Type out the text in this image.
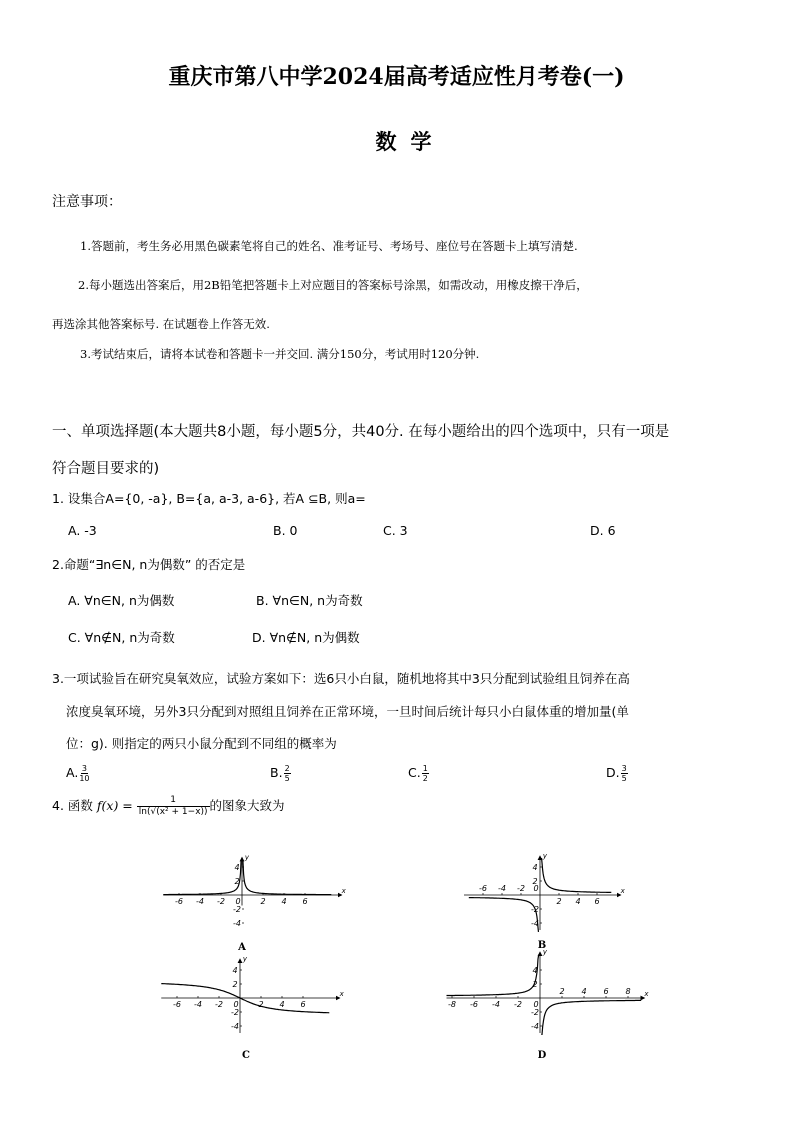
重庆市第八中学2024届高考适应性月考卷(一)
数学
注意事项：
1.答题前，考生务必用黑色碳素笔将自己的姓名、准考证号、考场号、座位号在答题卡上填写清楚.
2.每小题选出答案后，用2B铅笔把答题卡上对应题目的答案标号涂黑，如需改动，用橡皮擦干净后，
再选涂其他答案标号. 在试题卷上作答无效.
3.考试结束后，请将本试卷和答题卡一并交回. 满分150分，考试用时120分钟.
一、单项选择题(本大题共8小题，每小题5分，共40分. 在每小题给出的四个选项中，只有一项是
符合题目要求的)
1. 设集合A={0, -a}, B={a, a-3, a-6}, 若A ⊆B, 则a=
A. -3	B. 0	C. 3	D. 6
2.命题“∃n∈N, n为偶数” 的否定是
A. ∀n∈N, n为偶数	B. ∀n∈N, n为奇数
C. ∀n∉N, n为奇数	D. ∀n∉N, n为偶数
3.一项试验旨在研究臭氧效应，试验方案如下：选6只小白鼠，随机地将其中3只分配到试验组且饲养在高
浓度臭氧环境，另外3只分配到对照组且饲养在正常环境，一旦时间后统计每只小白鼠体重的增加量(单
位：g). 则指定的两只小鼠分配到不同组的概率为
A. $\frac{3}{10}$	B. $\frac{2}{5}$	C. $\frac{1}{2}$	D. $\frac{3}{5}$
4. 函数 $f(x) = \frac{1}{\text{ln(√(x² + 1−x))}}$ 的图象大致为
x
y
-6 -4 -2 0 2 4 6
4
2
-2
-4
A
x
y
-6 -4 -2 0
2 4 6
4
2
-2
-4
B
x
y
-6 -4 -2 0 2 4 6
4
2
-2
-4
C
x
y
-8 -6 -4 -2 0
2 4 6 8
4
2
-2
-4
D
